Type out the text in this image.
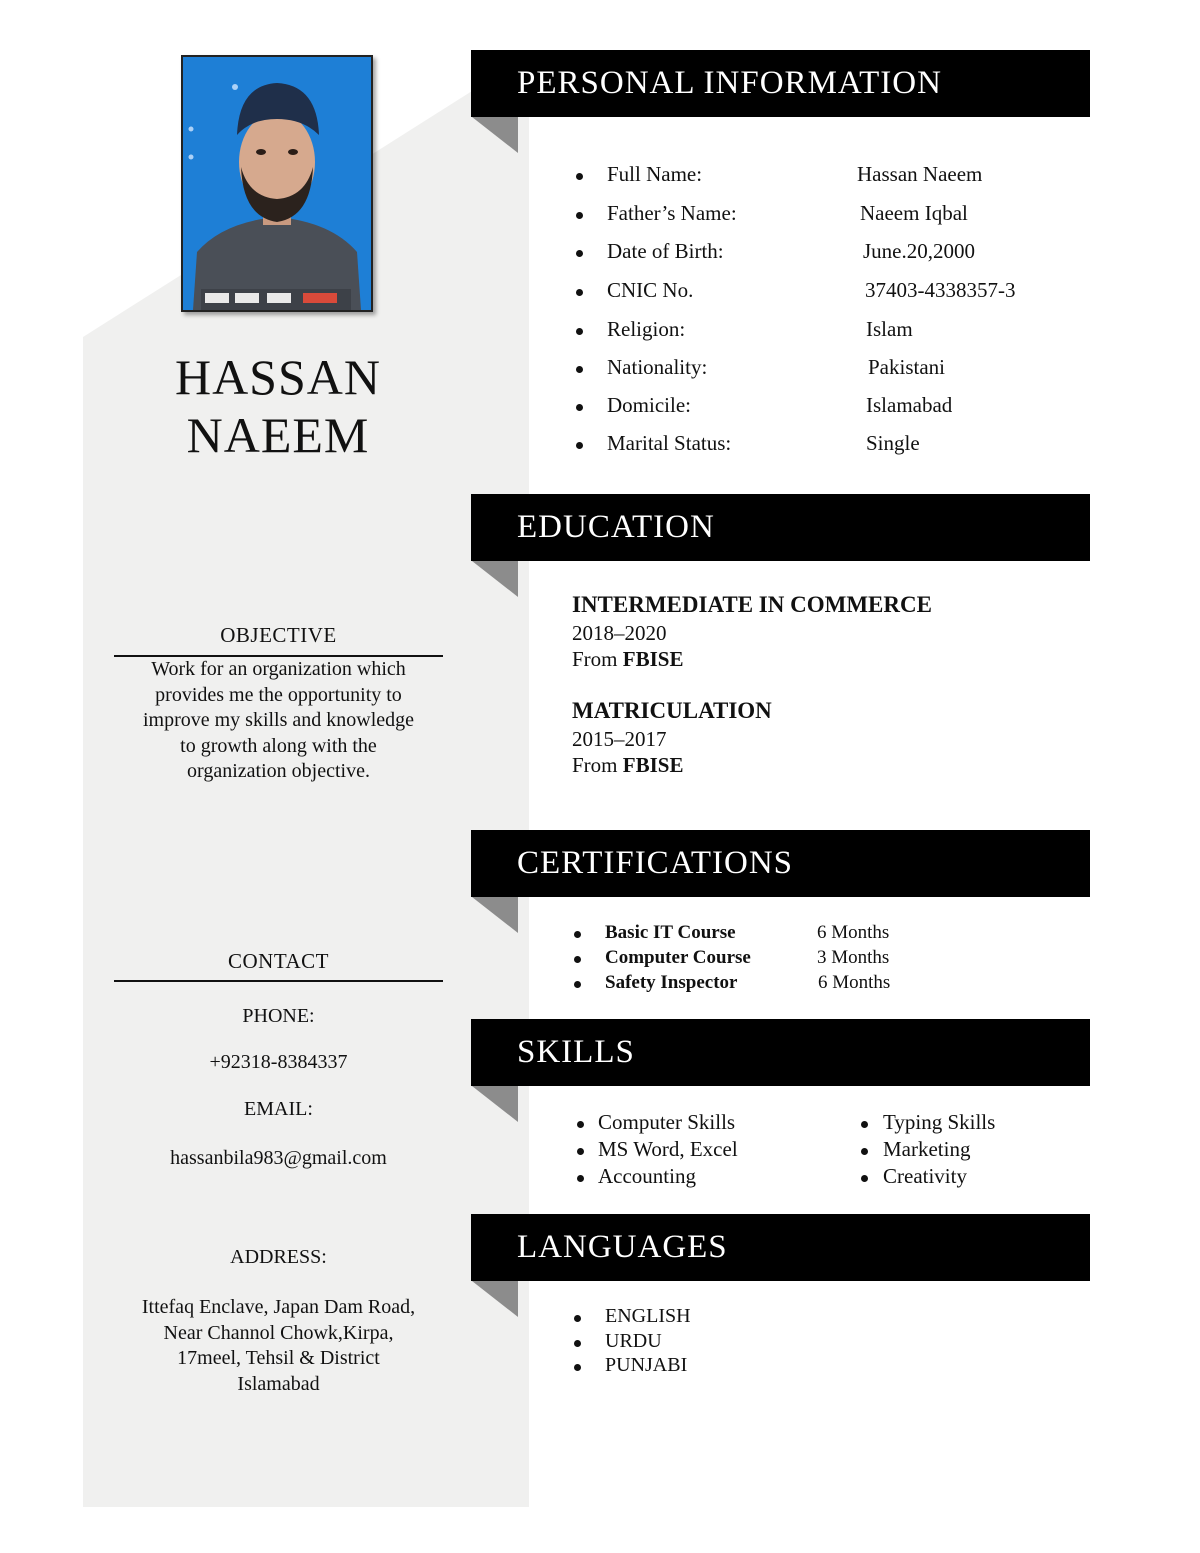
HASSAN
NAEEM
OBJECTIVE
Work for an organization which
provides me the opportunity to
improve my skills and knowledge
to growth along with the
organization objective.
CONTACT
PHONE:
+92318-8384337
EMAIL:
hassanbila983@gmail.com
ADDRESS:
Ittefaq Enclave, Japan Dam Road,
Near Channol Chowk,Kirpa,
17meel, Tehsil & District
Islamabad
PERSONAL INFORMATION
Full Name:	Hassan Naeem
Father’s Name:	Naeem Iqbal
Date of Birth:	June.20,2000
CNIC No.	37403-4338357-3
Religion:	Islam
Nationality:	Pakistani
Domicile:	Islamabad
Marital Status:	Single
EDUCATION
INTERMEDIATE IN COMMERCE
2018–2020
From FBISE
MATRICULATION
2015–2017
From FBISE
CERTIFICATIONS
Basic IT Course	6 Months
Computer Course	3 Months
Safety Inspector	6 Months
SKILLS
Computer Skills
MS Word, Excel
Accounting
Typing Skills
Marketing
Creativity
LANGUAGES
ENGLISH
URDU
PUNJABI
